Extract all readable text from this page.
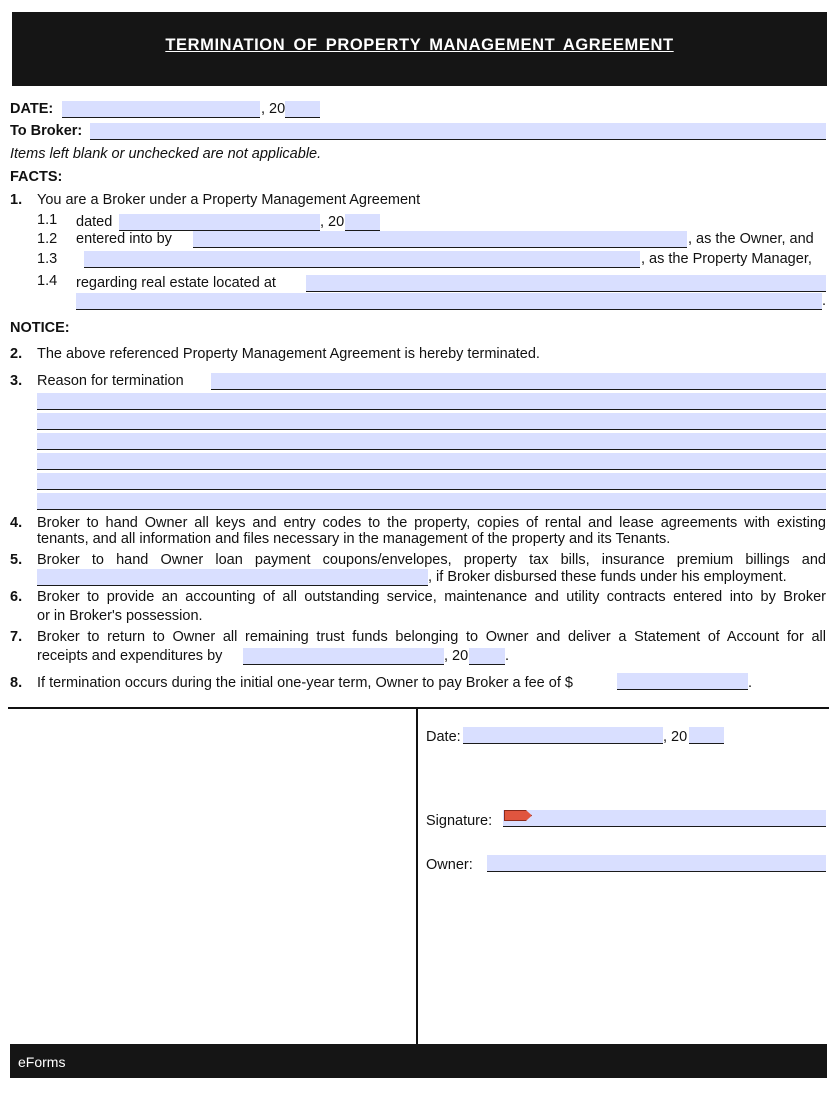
TERMINATION OF PROPERTY MANAGEMENT AGREEMENT
DATE:	, 20
To Broker:
Items left blank or unchecked are not applicable.
FACTS:
1. You are a Broker under a Property Management Agreement
1.1 dated	, 20
1.2 entered into by	, as the Owner, and
1.3	, as the Property Manager,
1.4 regarding real estate located at
.
NOTICE:
2. The above referenced Property Management Agreement is hereby terminated.
3. Reason for termination
4. Broker to hand Owner all keys and entry codes to the property, copies of rental and lease agreements with existing
tenants, and all information and files necessary in the management of the property and its Tenants.
5. Broker to hand Owner loan payment coupons/envelopes, property tax bills, insurance premium billings and
, if Broker disbursed these funds under his employment.
6. Broker to provide an accounting of all outstanding service, maintenance and utility contracts entered into by Broker
or in Broker's possession.
7. Broker to return to Owner all remaining trust funds belonging to Owner and deliver a Statement of Account for all
receipts and expenditures by	, 20	.
8. If termination occurs during the initial one-year term, Owner to pay Broker a fee of $	.
Date:	, 20
Signature:
Owner:
eForms
